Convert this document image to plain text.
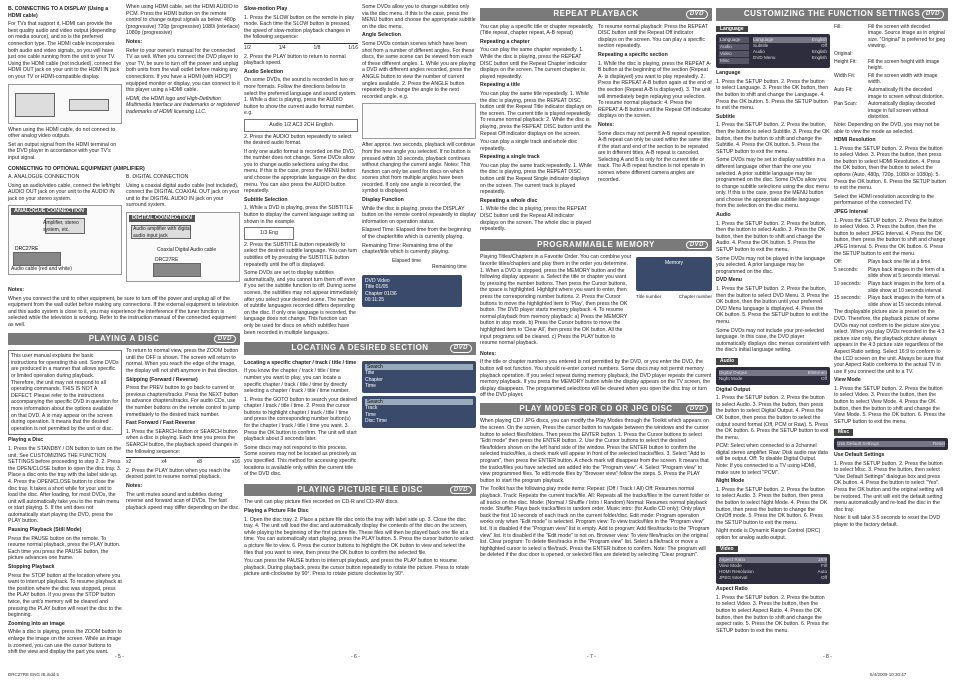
B. CONNECTING TO A DISPLAY (Using a HDMI cable)

For TVs that support it, HDMI can provide the best quality audio and video output (depending on media source), and so is the preferred connection type. The HDMI cable incorporates both audio and video signals, so you will have just one cable running from the unit to your TV. Using the HDMI cable (not included), connect the HDMI OUT jack on your unit to the HDMI IN jack on your TV or HDMI-compatible display.

When using the HDMI cable, do not connect to other analog video outputs.

Set an output signal from the HDMI terminal on the DVD player in accordance with your TV's input signal.

When using HDMI cable, set the HDMI AUDIO to PCM. Press the HDMI button on the remote control to change output signals as below: 480p (progressive) 720p (progressive) 1080i (interlace) 1080p (progressive)

Notes:

Refer to your owner's manual for the connected TV as well. When you connect the DVD player to your TV, be sure to turn off the power and unplug both units from the wall outlet before making any connections. If you have a HDMI (with HDCP) equipped monitor or display, you can connect to it this player using a HDMI cable.

HDMI, the HDMI logo and High-Definition Multimedia Interface are trademarks or registered trademarks of HDMI licensing LLC.

CONNECTING TO OPTIONAL EQUIPMENT (AMPLIFIER)

A. ANALOGUE CONNECTION

Using an audio/video cable, connect the left/right AUDIO OUT jack on your unit to the AUDIO IN jack on your stereo system.

ANALOGUE CONNECTION
Amplifier, stereo system, etc.
DRC27RE
Audio cable (red and white)

B. DIGITAL CONNECTION

Using a coaxial digital audio cable (not included), connect the DIGITAL COAXIAL OUT jack on your unit to the DIGITAL AUDIO IN jack on your surround system.

DIGITAL CONNECTION
Audio amplifier with digital audio input jack
Coaxial Digital Audio cable
DRC27RE

Notes:

When you connect the unit to other equipment, be sure to turn off the power and unplug all of the equipment from the wall outlet before making any connections. If the external equipment is television and this audio system is close to it, you may experience the interference if the tuner function is selected while the television is working. Refer to the instruction manual of the connected equipment as well.

PLAYING A DISC	DVD
This user manual explains the basic instructions for operating this unit. Some DVDs are produced in a manner that allows specific or limited operation during playback. Therefore, the unit may not respond to all operating commands. THIS IS NOT A DEFECT. Please refer to the instructions accompanying the specific DVD in question for more information about the options available on that DVD. A ⊘ may appear on the screen during operation. It means that the desired operation is not permitted by the unit or disc.

Playing a Disc

1. Press the STANDBY / ON button to turn on the unit. See CUSTOMIZING THE FUNCTION SETTINGS before proceeding to step 2. 2. Press the OPEN/CLOSE button to open the disc tray. 3. Place a disc onto the tray with the label side up. 4. Press the OPEN/CLOSE button to close the disc tray. It takes a short while for your unit to load the disc. After loading, for most DVDs, the unit will automatically take you to the main menu or start playing. 5. If the unit does not automatically start playing the DVD, press the PLAY button.

Pausing Playback (Still Mode)

Press the PAUSE button on the remote. To resume normal playback, press the PLAY button. Each time you press the PAUSE button, the picture advances one frame.

Stopping Playback

Press the STOP button at the location where you want to interrupt playback. To resume playback at the position where the disc was stopped, press the PLAY button. If you press the STOP button twice, the unit's memory will be cleared and pressing the PLAY button will reset the disc to the beginning.

Zooming into an image

While a disc is playing, press the ZOOM button to enlarge the image on the screen. While an image is zoomed, you can use the cursor buttons to shift the view and display the part you want.

To return to normal view, press the ZOOM button until the OFF is shown. The screen will return to normal. When you reach the edge of the image, the display will not shift anymore in that direction.

Skipping (Forward / Reverse)

Press the PREV button to go back to current or previous chapters/tracks. Press the NEXT button to advance chapters/tracks. For audio CDs, use the number buttons on the remote control to jump immediately to the desired track number.

Fast Forward / Fast Reverse

1. Press the SEARCH button or SEARCH button when a disc is playing. Each time you press the SEARCH button, the playback speed changes in the following sequence:

x2	x4	x8	x16

2. Press the PLAY button when you reach the desired point to resume normal playback.

Notes:

The unit mutes sound and subtitles during reverse and forward scan of DVDs. The fast playback speed may differ depending on the disc.

Slow-motion Play

1. Press the SLOW button on the remote in play mode. Each time the SLOW button is pressed, the speed of slow-motion playback changes in the following sequence:

1/2	1/4	1/8	1/16

2. Press the PLAY button to return to normal playback speed.

Audio Selection

On some DVDs, the sound is recorded in two or more formats. Follow the directions below to select the preferred language and sound system. 1. While a disc is playing, press the AUDIO button to show the current audio format number. e.g.

Audio 1/2 AC3 2CH English

2. Press the AUDIO button repeatedly to select the desired audio format.

If only one audio format is recorded on the DVD, the number does not change. Some DVDs allow you to change audio selections using the disc menu. If this is the case, press the MENU button and choose the appropriate language on the disc menu. You can also press the AUDIO button repeatedly.

Subtitle Selection

1. While a DVD is playing, press the SUBTITLE button to display the current language setting as shown in the example.

1/3 Eng

2. Press the SUBTITLE button repeatedly to select the desired subtitle language. You can turn subtitles off by pressing the SUBTITLE button repeatedly until the off is displayed.

Some DVDs are set to display subtitles automatically, and you cannot turn them off even if you set the subtitle function to off. During some scenes, the subtitles may not appear immediately after you select your desired scene. The number of subtitle languages recorded differs depending on the disc. If only one language is recorded, the language does not change. This function can only be used for discs on which subtitles have been recorded in multiple languages.

Some DVDs allow you to change subtitles only via the disc menu. If this is the case, press the MENU button and choose the appropriate subtitle on the disc menu.

Angle Selection

Some DVDs contain scenes which have been shot from a number of different angles. For these discs, the same scene can be viewed from each of these different angles. 1. While you are playing a DVD with different angles recorded, press the ANGLE button to view the number of current angles available. 2. Press the ANGLE button repeatedly to change the angle to the next recorded angle. e.g.

After approx. two seconds, playback will continue from the new angle you selected. If no button is pressed within 10 seconds, playback continues without changing the current angle. Notes: This function can only be used for discs on which scenes shot from multiple angles have been recorded. If only one angle is recorded, the symbol is displayed.

Display Function

While the disc is playing, press the DISPLAY button on the remote control repeatedly to display information on operation status.

Elapsed Time: Elapsed time from the beginning of the chapter/title which is currently playing.

Remaining Time: Remaining time of the chapter/title which is currently playing.

Elapsed time
Remaining time
DVD Video
Title 01/05
Chapter 01/36
00:11:25
LOCATING A DESIRED SECTION	DVD

Locating a specific chapter / track / title / time

If you know the chapter / track / title / time number you want to play, you can locate a specific chapter / track / title / time by directly selecting a chapter / track / title / time number.

1. Press the GOTO button to search your desired chapter / track / title / time. 2. Press the cursor buttons to highlight chapter / track / title / time and press the corresponding number button(s) for the chapter / track / title / time you want. 3. Press the OK button to confirm. The unit will start playback about 3 seconds later.

Some discs may not respond to this process. Some scenes may not be located as precisely as you specified. This method for accessing specific locations is available only within the current title of the DVD disc.

Search
Title
Chapter
Time
Search
Track
Time
Disc Time
PLAYING PICTURE FILE DISC	DVD

The unit can play picture files recorded on CD-R and CD-RW discs.

Playing a Picture File Disc

1. Open the disc tray. 2. Place a picture file disc onto the tray with label side up. 3. Close the disc tray. 4. The unit will load the disc and automatically display the contents of the disc on the screen, while playing the beginning of the first picture file. These files will then be played back one file at a time. You can automatically start playing, press the PLAY button. 5. Press the cursor button to select a picture file to view. 6. Press the cursor buttons to highlight the OK button to view and select the files that you want to view, then press the OK button to confirm the selected file.

You can press the PAUSE button to interrupt playback, and press the PLAY button to resume playback. During playback, press the cursor button repeatedly to rotate the picture. Press to rotate picture anti-clockwise by 90°. Press to rotate picture clockwise by 90°.

REPEAT PLAYBACK	DVD

You can play a specific title or chapter repeatedly. (Title repeat, chapter repeat, A-B repeat)

Repeating a chapter

You can play the same chapter repeatedly. 1. While the disc is playing, press the REPEAT DISC button until the Repeat Chapter indicator displays on the screen. The current chapter is played repeatedly.

Repeating a title

You can play the same title repeatedly. 1. While the disc is playing, press the REPEAT DISC button until the Repeat Title indicator displays on the screen. The current title is played repeatedly. To resume normal playback: 2. While the disc is playing, press the REPEAT DISC button until the Repeat Off indicator displays on the screen.

You can play a single track and whole disc repeatedly.

Repeating a single track

You can play the same track repeatedly. 1. While the disc is playing, press the REPEAT DISC button until the Repeat Single indicator displays on the screen. The current track is played repeatedly.

Repeating a whole disc

1. While the disc is playing, press the REPEAT DISC button until the Repeat All indicator displays on the screen. The whole disc is played repeatedly.

To resume normal playback: Press the REPEAT DISC button until the Repeat Off indicator displays on the screen. You can play a specific section repeatedly.

Repeating a specific section

1. While the disc is playing, press the REPEAT A-B button at the beginning of the section (Repeat A- is displayed) you want to play repeatedly. 2. Press the REPEAT A-B button again at the end of the section (Repeat A-B is displayed). 3. The unit will immediately begin replaying your selection. To resume normal playback: 4. Press the REPEAT A-B button until the Repeat Off indicator displays on the screen.

Notes:

Some discs may not permit A-B repeat operation. A-B repeat can only be used within the same title: if the start and end of the section to be repeated are in different titles, A-B repeat is canceled. Selecting A and B is only for the current title or track. The A-B repeat function is not operate in scenes where different camera angles are recorded.

PROGRAMMABLE MEMORY	DVD

Playing Titles/Chapters in a Favorite Order. You can combine your favorite titles/chapters and play them in the order you determine. 1. When a DVD is stopped, press the MEMORY button and the following display appears: a. Select the title or chapter you want by pressing the number buttons. Then press the Cursor buttons, the space is highlighted. Highlight where you want to enter, then press the corresponding number buttons. 2. Press the Cursor buttons to move the highlighted item to 'Play', then press the OK button. The DVD player starts memory playback. 4. To resume normal playback from memory playback: a) Press the MEMORY button in stop mode. b) Press the Cursor buttons to move the highlighted item to 'Clear All', then press the OK button. All the input programs will be cleared. c) Press the PLAY button to resume normal playback.

Memory
Title number	Chapter number

Notes:

If the title or chapter numbers you entered is not permitted by the DVD, or you enter the DVD, the button will not function. You should re-enter correct numbers. Some discs may not permit memory playback operation. If you select repeat during memory playback, the DVD player repeats the current memory playback. If you press the MEMORY button while the display appears on the TV screen, the display disappears. The programmed selections will be cleared when you open the disc tray or turn off the DVD player.

PLAY MODES FOR CD OR JPG DISC	DVD

When playing CD / JPG discs, you can modify the Play Modes through the Toolkit which appears on the screen. On the screen, Press the cursor button to navigate between the windows and the cursor button to select files/folders. Then press the ENTER button. 1. Press the Cursor buttons to select "Edit mode" then press the ENTER button. 2. Use the Cursor buttons to select the desired files/folders shown on the left hand side of the window. Press the ENTER button to confirm the selected tracks/files, a check mark will appear in front of the selected tracks/files. 3. Select "Add to program", then press the ENTER button. A check mark will disappear from the screen. It means that the tracks/files you have selected are added into the "Program view". 4. Select "Program view" to view programmed files. To edit mode files by "Browser view" follow the steps. 5. Press the PLAY button to start the program playback.

The Toolkit has the following play mode items: Repeat: (Off / Track / All) Off: Resumes normal playback. Track: Repeats the current track/file. All: Repeats all the tracks/files in the current folder or all tracks on the disc. Mode: (Normal / Shuffle / Intro / Random) Normal: Resumes normal playback mode. Shuffle: Plays back tracks/files in random order. Music intro: (for Audio CD only): Only plays back the first 10 seconds of each track on the current folder/disc. Edit mode: Program operation works only when "Edit mode" is selected. Program view: To view tracks/files in the "Program view" list. It is disabled if the "Program view" list is empty. Add to program: Add files/tracks to the "Program view" list. It is disabled if the "Edit mode" is not on. Browser view: To view files/tracks on the original list. Clear program: To delete files/tracks in the "Program view" list. Select a file/track or move a highlighted cursor to select a file/track. Press the ENTER button to confirm. Note: The program will be deleted if the disc door is opened, or selected files are deleted by selecting "Clear program".

CUSTOMIZING THE FUNCTION SETTINGS DVD
Language
Language
Audio
Video
Misc
Language	English
Subtitle	Off
Audio	English
DVD Menu	English

Language

1. Press the SETUP button. 2. Press the button to select Language. 3. Press the OK button, then the button to shift and change the Language. 4. Press the OK button. 5. Press the SETUP button to exit the menu.

Subtitle

1. Press the SETUP button. 2. Press the button, then the button to select Subtitle. 3. Press the OK button, then the button to shift and change the Subtitle. 4. Press the OK button. 5. Press the SETUP button to exit the menu.

Some DVDs may be set to display subtitles in a different language other than the one you selected. A prior subtitle language may be programmed on the disc. Some DVDs allow you to change subtitle selections using the disc menu only. If this is the case, press the MENU button and choose the appropriate subtitle language from the selection on the disc menu.

Audio

1. Press the SETUP button. 2. Press the button, then the button to select Audio. 3. Press the OK button, then the button to shift and change the Audio. 4. Press the OK button. 5. Press the SETUP button to exit the menu.

Some DVDs may not be played in the language you selected. A prior language may be programmed on the disc.

DVD Menu

1. Press the SETUP button. 2. Press the button, then the button to select DVD Menu. 3. Press the OK button, then the button until your preferred DVD Menu language is displayed. 4. Press the OK button. 5. Press the SETUP button to exit the menu.

Some DVDs may not include your pre-selected language. In this case, the DVD player automatically displays disc menus consistent with the disc's initial language setting.

Audio
Digital Output	Bitstream
Night Mode	Off

Digital Output

1. Press the SETUP button. 2. Press the button to select Audio. 3. Press the button, then press the button to select Digital Output. 4. Press the OK button, then press the button to select the output sound format (Off, PCM or Raw). 5. Press the OK button. 6. Press the SETUP button to exit the menu.

PCM: Select when connected to a 2channel digital stereo amplifier. Raw: Disk audio raw data will be output. Off: To disable Digital Output. Note: If you connected to a TV using HDMI, make sure to select "PCM".

Night Mode

1. Press the SETUP button. 2. Press the button to select Audio. 3. Press the button, then press the button to select Night Mode. 4. Press the OK button, then press the button to change the On/Off mode. 5. Press the OK button. 6. Press the SETUP button to exit the menu.

Night mode is Dynamic Range Control (DRC) option for analog audio output.

Video
Aspect Ratio	16:9
View Mode	Fill
HDMI Resolution	Auto
JPEG Interval	Off

Aspect Ratio

1. Press the SETUP button. 2. Press the button to select Video. 3. Press the button, then the button to select Aspect Ratio. 4. Press the OK button, then the button to shift and change the aspect ratio. 5. Press the OK button. 6. Press the SETUP button to exit the menu.

Fill:	Fill the screen with decoded image. Source image as in original size. "Original" is preferred for jpeg viewing.
Original:	
Height Fit:	Fill the screen height with image height.
Width Fit:	Fill the screen width with image width.
Auto Fit:	Automatically fit the decoded image to screen without distortion.
Pan Scan:	Automatically display decoded image in full screen without distortion.

Note: Depending on the DVD, you may not be able to view the mode as selected.

HDMI Resolution

1. Press the SETUP button. 2. Press the button to select Video. 3. Press the button, then press the button to select HDMI Resolution. 4. Press the OK button, then the button to select the options (Auto, 480p, 720p, 1080i or 1080p). 5. Press the OK button. 6. Press the SETUP button to exit the menu.

Select the HDMI resolution according to the performance of the connected TV.

JPEG Interval

1. Press the SETUP button. 2. Press the button to select Video. 3. Press the button, then the button to select JPEG Interval. 4. Press the OK button, then press the button to shift and change JPEG Interval. 5. Press the OK button. 6. Press the SETUP button to exit the menu.

Off:	Plays back one file at a time.
5 seconds:	Plays back images in the form of a slide show at 5 seconds interval.
10 seconds:	Plays back images in the form of a slide show at 10 seconds interval.
15 seconds:	Plays back images in the form of a slide show at 15 seconds interval.

The displayable picture size is preset on the DVD. Therefore, the playback picture of some DVDs may not conform to the picture size you select. When you play DVDs recorded in the 4:3 picture size only, the playback picture always appears in the 4:3 picture size regardless of the Aspect Ratio setting. Select 16:9 to conform to the LCD screen on the unit. Always be sure that your Aspect Ratio conforms to the actual TV in use if you connect the unit to a TV.

View Mode

1. Press the SETUP button. 2. Press the button to select Video. 3. Press the button, then the button to select View Mode. 4. Press the OK button, then the button to shift and change the View Mode. 5. Press the OK button. 6. Press the SETUP button to exit the menu.

Misc
Use Default Settings	Reset

Use Default Settings

1. Press the SETUP button. 2. Press the button to select Misc. 3. Press the button, then select "Use Default Settings" dialogue box and press OK button. 4. Press the button to select "Yes". Press the OK button and the original setting will be restored. The unit will exit the default setting menu automatically and re-load the disc in the disc tray.

Note: It will take 3-5 seconds to reset the DVD player to the factory default.

- 5 -	- 6 -	- 7 -	- 8 -
DRC27RE ENG IB.indd 5	6/4/2009 10:30:47
